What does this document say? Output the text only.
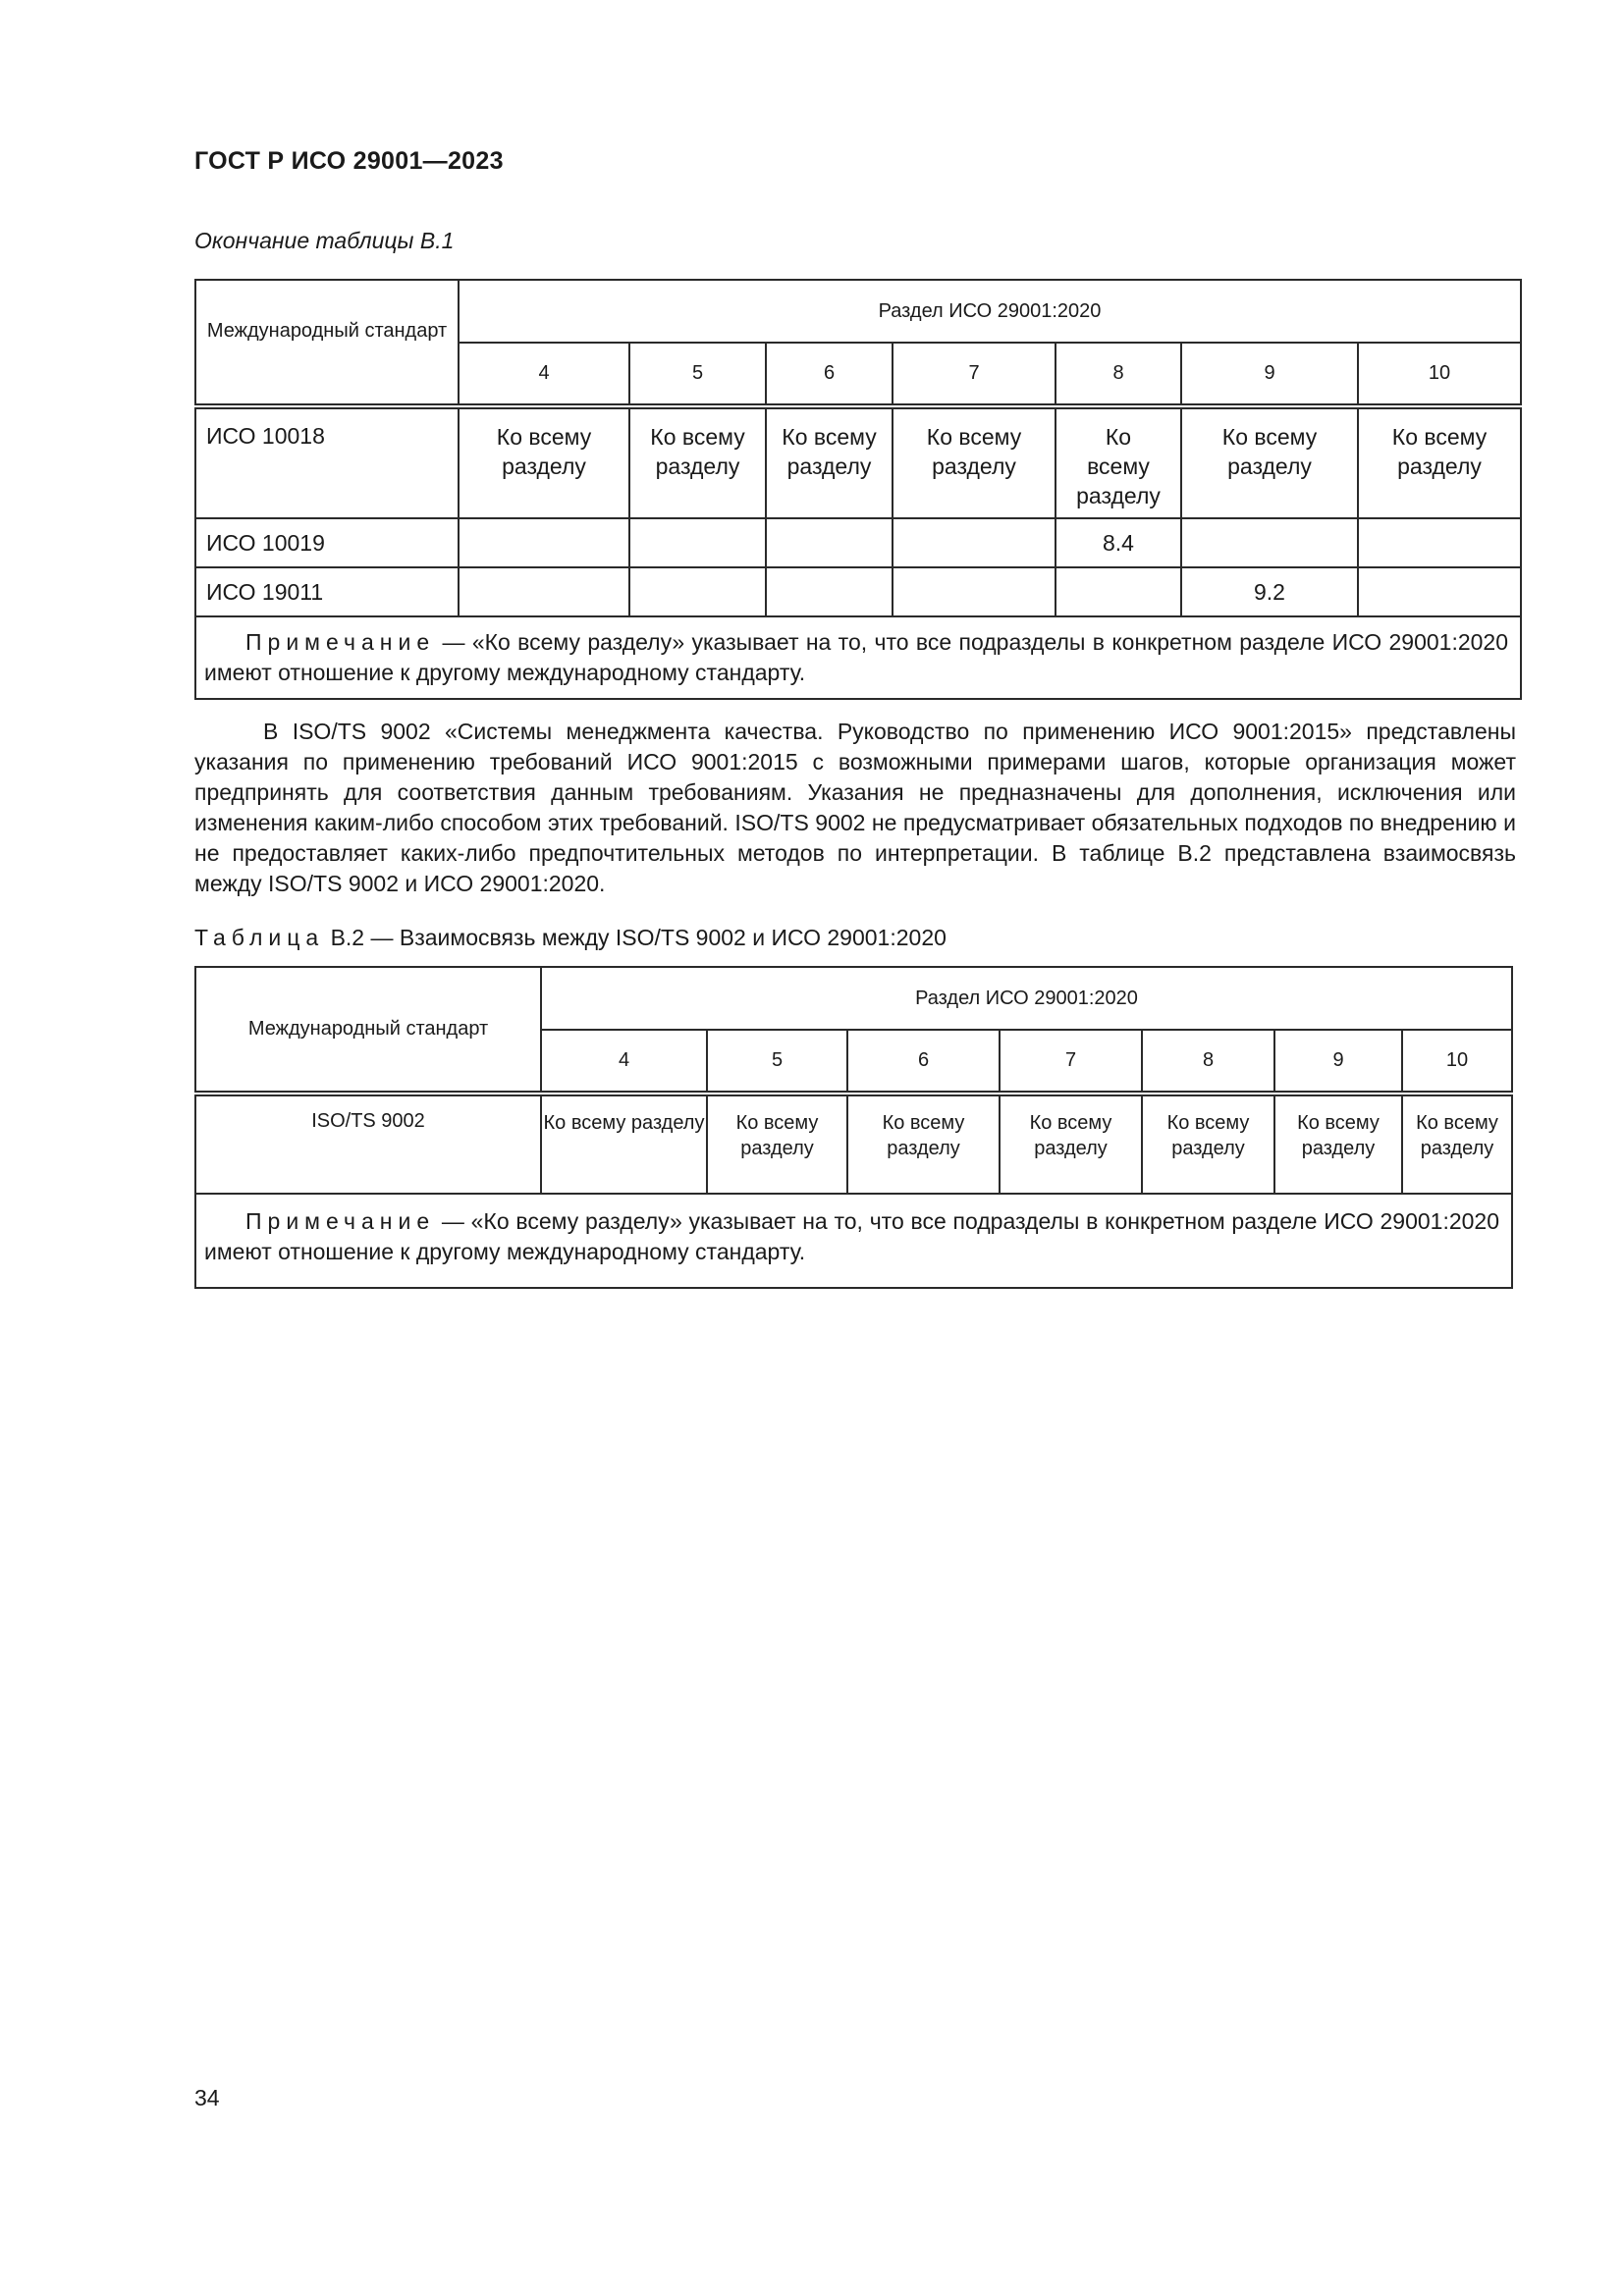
ГОСТ Р ИСО 29001—2023
Окончание таблицы В.1
Международный стандарт	Раздел ИСО 29001:2020						
	4	5	6	7	8	9	10
ИСО 10018	Ко всему разделу	Ко всему разделу	Ко всему разделу	Ко всему разделу	Ко всему разделу	Ко всему разделу	Ко всему разделу
ИСО 10019					8.4		
ИСО 19011						9.2	
Примечание — «Ко всему разделу» указывает на то, что все подразделы в конкретном разделе ИСО 29001:2020 имеют отношение к другому международному стандарту.							
В ISO/TS 9002 «Системы менеджмента качества. Руководство по применению ИСО 9001:2015» представлены указания по применению требований ИСО 9001:2015 с возможными примерами шагов, которые организация может предпринять для соответствия данным требованиям. Указания не предназначены для дополнения, исключения или изменения каким-либо способом этих требований. ISO/TS 9002 не предусматривает обязательных подходов по внедрению и не предоставляет каких-либо предпочтительных методов по интерпретации. В таблице В.2 представлена взаимосвязь между ISO/TS 9002 и ИСО 29001:2020.
Таблица В.2 — Взаимосвязь между ISO/TS 9002 и ИСО 29001:2020
Международный стандарт	Раздел ИСО 29001:2020						
	4	5	6	7	8	9	10
ISO/TS 9002	Ко всему разделу	Ко всему разделу	Ко всему разделу	Ко всему разделу	Ко всему разделу	Ко всему разделу	Ко всему разделу
Примечание — «Ко всему разделу» указывает на то, что все подразделы в конкретном разделе ИСО 29001:2020 имеют отношение к другому международному стандарту.							
34
